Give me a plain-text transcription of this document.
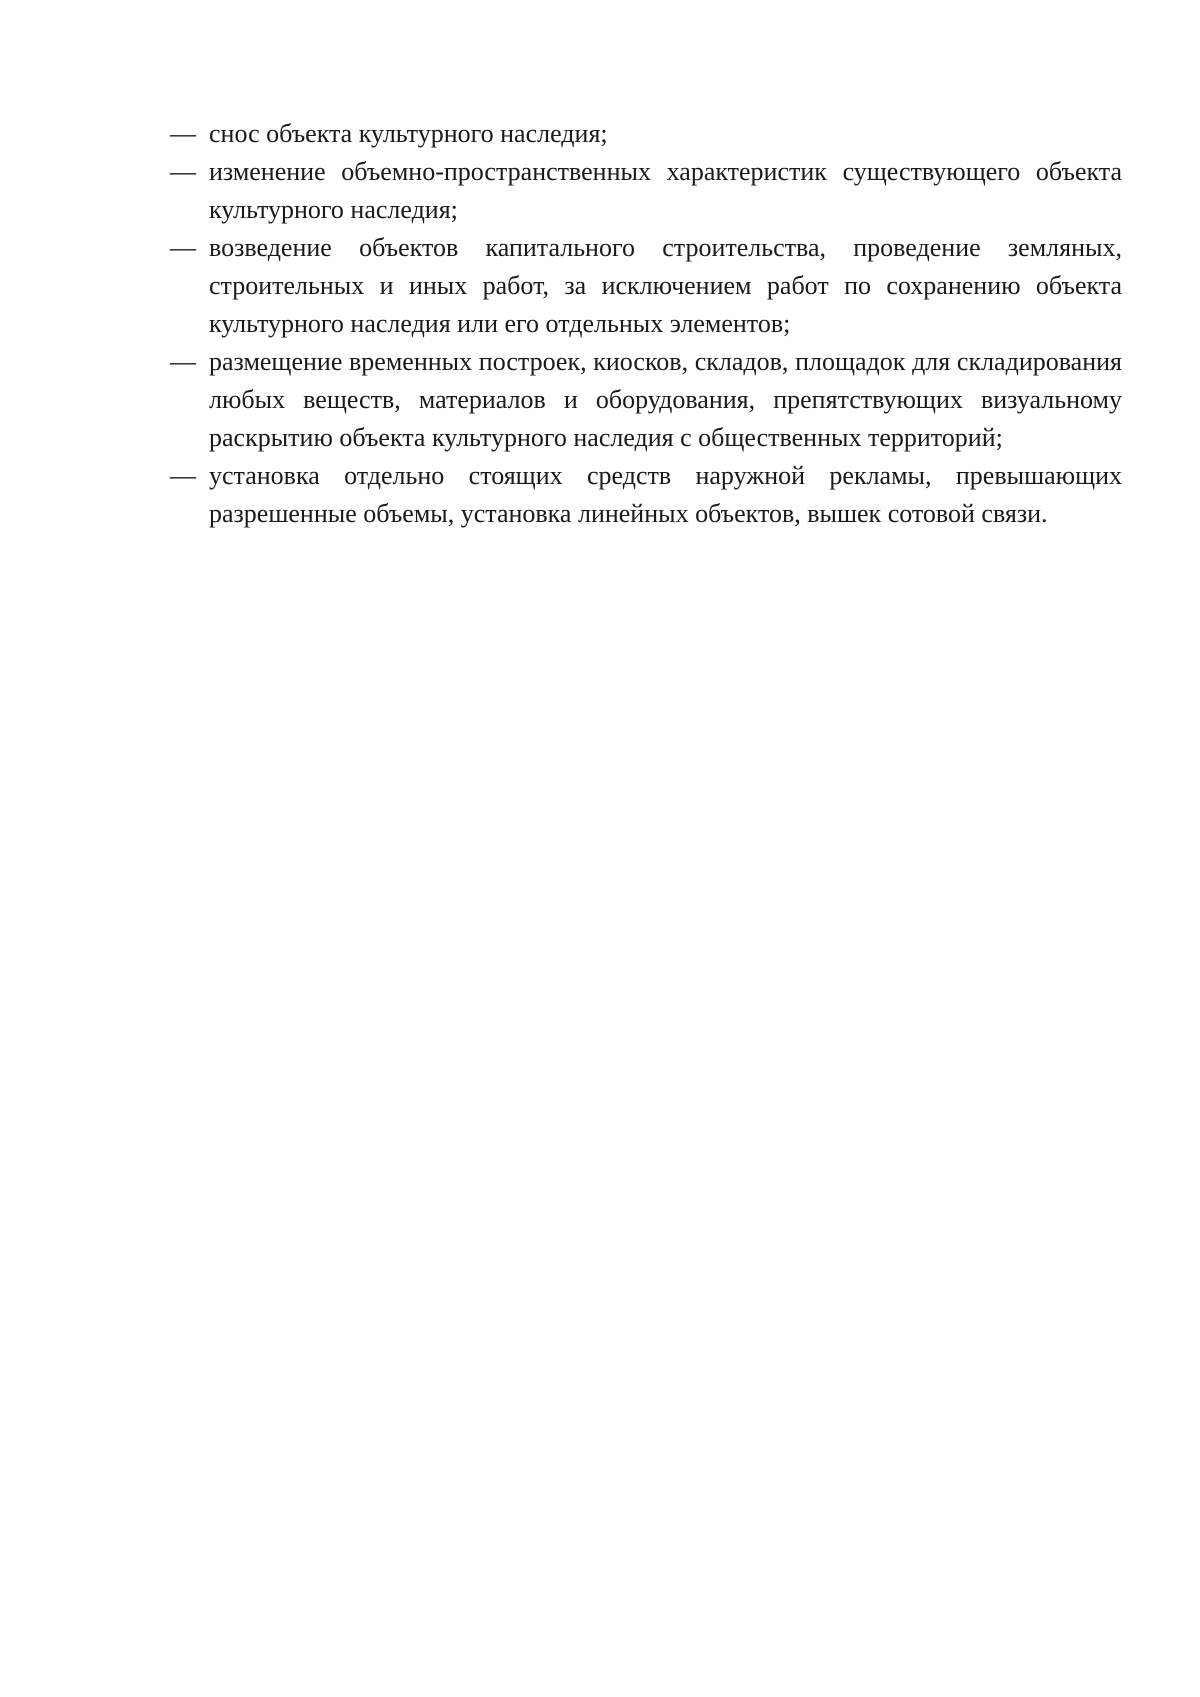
— снос объекта культурного наследия;
— изменение объемно-пространственных характеристик существующего объекта культурного наследия;
— возведение объектов капитального строительства, проведение земляных, строительных и иных работ, за исключением работ по сохранению объекта культурного наследия или его отдельных элементов;
— размещение временных построек, киосков, складов, площадок для складирования любых веществ, материалов и оборудования, препятствующих визуальному раскрытию объекта культурного наследия с общественных территорий;
— установка отдельно стоящих средств наружной рекламы, превышающих разрешенные объемы, установка линейных объектов, вышек сотовой связи.
